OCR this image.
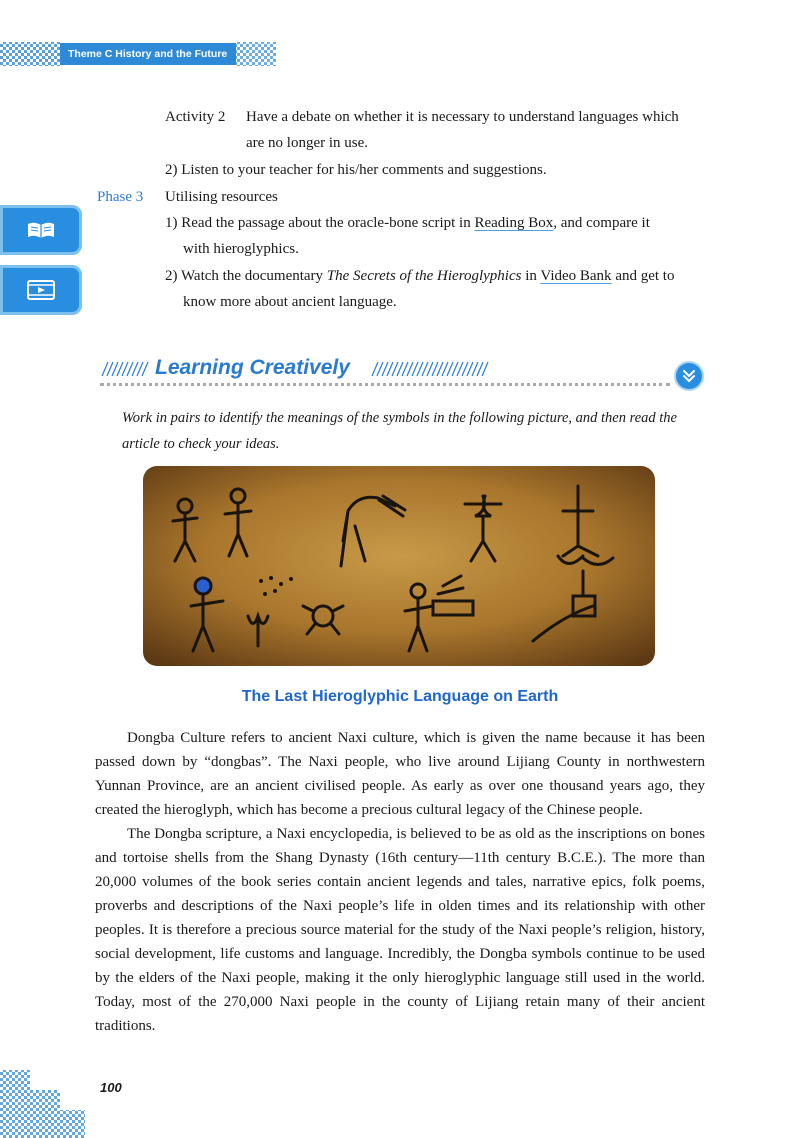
Theme C History and the Future
Activity 2 Have a debate on whether it is necessary to understand languages which
are no longer in use.
2) Listen to your teacher for his/her comments and suggestions.
Phase 3 Utilising resources
1) Read the passage about the oracle-bone script in Reading Box, and compare it
with hieroglyphics.
2) Watch the documentary The Secrets of the Hieroglyphics in Video Bank and get to
know more about ancient language.
Learning Creatively
Work in pairs to identify the meanings of the symbols in the following picture, and then read the article to check your ideas.
The Last Hieroglyphic Language on Earth

Dongba Culture refers to ancient Naxi culture, which is given the name because it has been passed down by “dongbas”. The Naxi people, who live around Lijiang County in northwestern Yunnan Province, are an ancient civilised people. As early as over one thousand years ago, they created the hieroglyph, which has become a precious cultural legacy of the Chinese people.

The Dongba scripture, a Naxi encyclopedia, is believed to be as old as the inscriptions on bones and tortoise shells from the Shang Dynasty (16th century—11th century B.C.E.). The more than 20,000 volumes of the book series contain ancient legends and tales, narrative epics, folk poems, proverbs and descriptions of the Naxi people’s life in olden times and its relationship with other peoples. It is therefore a precious source material for the study of the Naxi people’s religion, history, social development, life customs and language. Incredibly, the Dongba symbols continue to be used by the elders of the Naxi people, making it the only hieroglyphic language still used in the world. Today, most of the 270,000 Naxi people in the county of Lijiang retain many of their ancient traditions.

100
